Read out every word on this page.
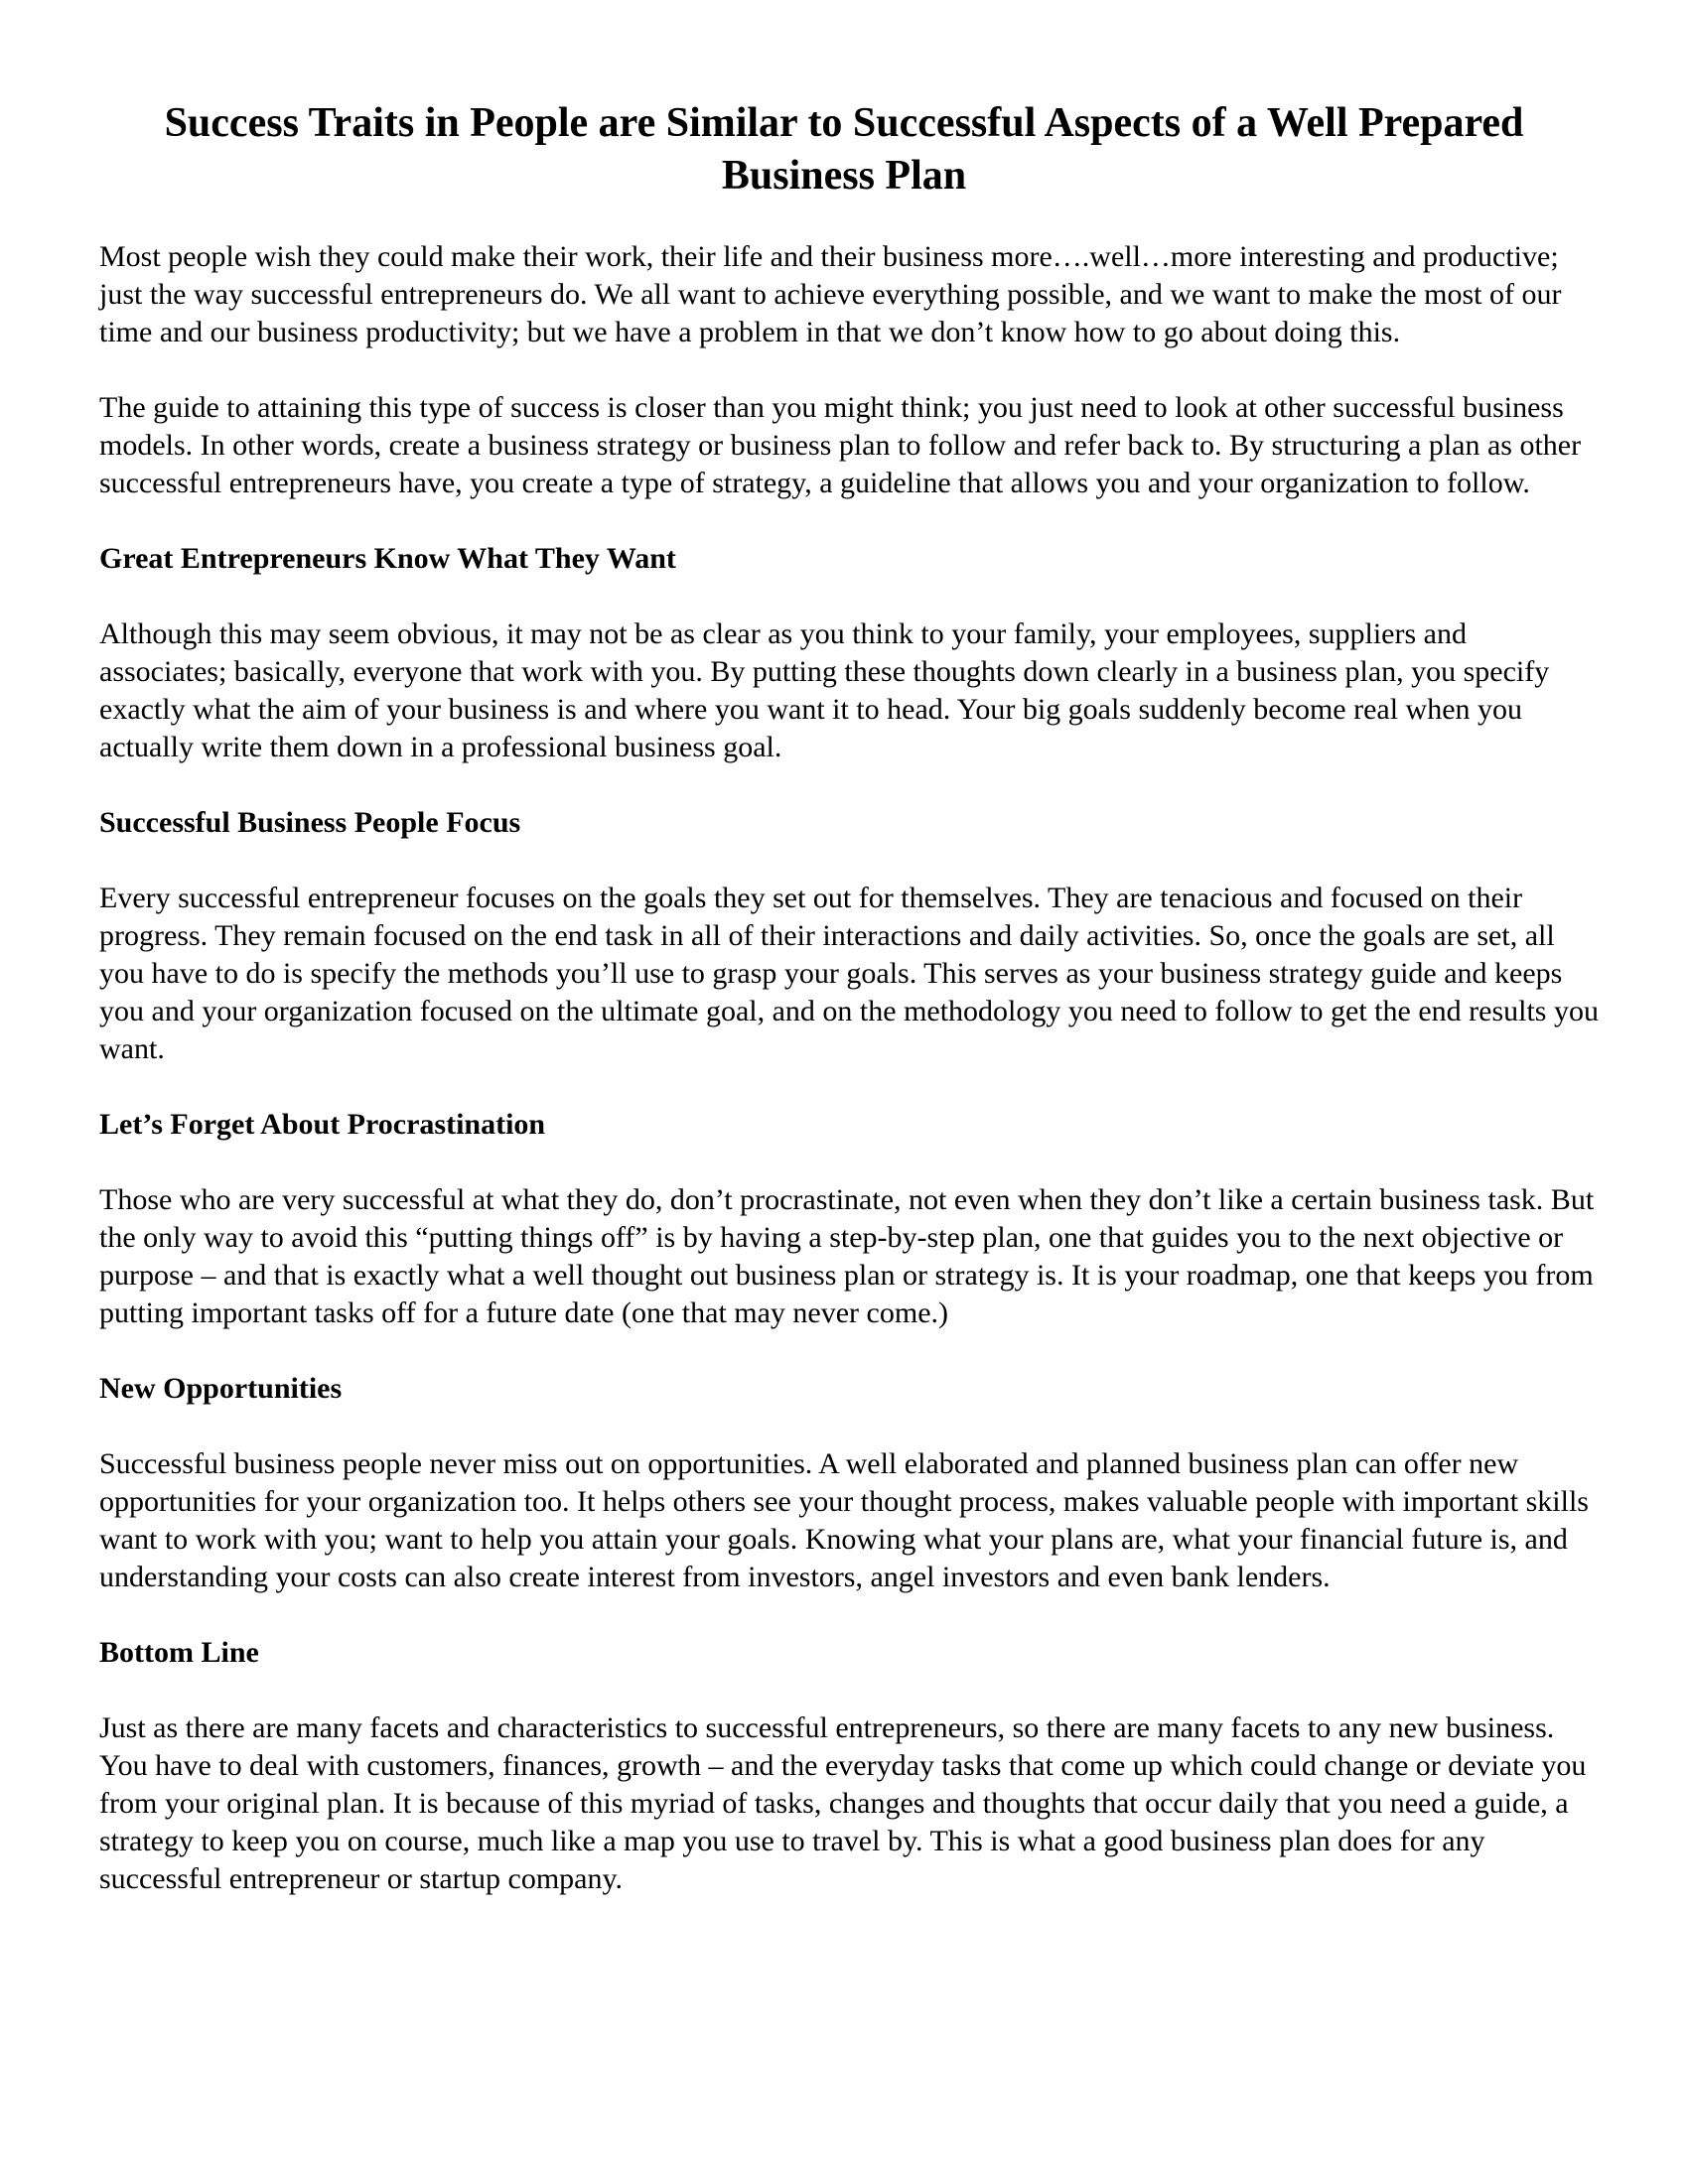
Success Traits in People are Similar to Successful Aspects of a Well Prepared Business Plan

Most people wish they could make their work, their life and their business more….well…more interesting and productive; just the way successful entrepreneurs do. We all want to achieve everything possible, and we want to make the most of our time and our business productivity; but we have a problem in that we don’t know how to go about doing this.

The guide to attaining this type of success is closer than you might think; you just need to look at other successful business models. In other words, create a business strategy or business plan to follow and refer back to. By structuring a plan as other successful entrepreneurs have, you create a type of strategy, a guideline that allows you and your organization to follow.

Great Entrepreneurs Know What They Want

Although this may seem obvious, it may not be as clear as you think to your family, your employees, suppliers and associates; basically, everyone that work with you. By putting these thoughts down clearly in a business plan, you specify exactly what the aim of your business is and where you want it to head. Your big goals suddenly become real when you actually write them down in a professional business goal.

Successful Business People Focus

Every successful entrepreneur focuses on the goals they set out for themselves. They are tenacious and focused on their progress. They remain focused on the end task in all of their interactions and daily activities. So, once the goals are set, all you have to do is specify the methods you’ll use to grasp your goals. This serves as your business strategy guide and keeps you and your organization focused on the ultimate goal, and on the methodology you need to follow to get the end results you want.

Let’s Forget About Procrastination

Those who are very successful at what they do, don’t procrastinate, not even when they don’t like a certain business task. But the only way to avoid this “putting things off” is by having a step-by-step plan, one that guides you to the next objective or purpose – and that is exactly what a well thought out business plan or strategy is. It is your roadmap, one that keeps you from putting important tasks off for a future date (one that may never come.)

New Opportunities

Successful business people never miss out on opportunities. A well elaborated and planned business plan can offer new opportunities for your organization too. It helps others see your thought process, makes valuable people with important skills want to work with you; want to help you attain your goals. Knowing what your plans are, what your financial future is, and understanding your costs can also create interest from investors, angel investors and even bank lenders.

Bottom Line

Just as there are many facets and characteristics to successful entrepreneurs, so there are many facets to any new business. You have to deal with customers, finances, growth – and the everyday tasks that come up which could change or deviate you from your original plan. It is because of this myriad of tasks, changes and thoughts that occur daily that you need a guide, a strategy to keep you on course, much like a map you use to travel by. This is what a good business plan does for any successful entrepreneur or startup company.
